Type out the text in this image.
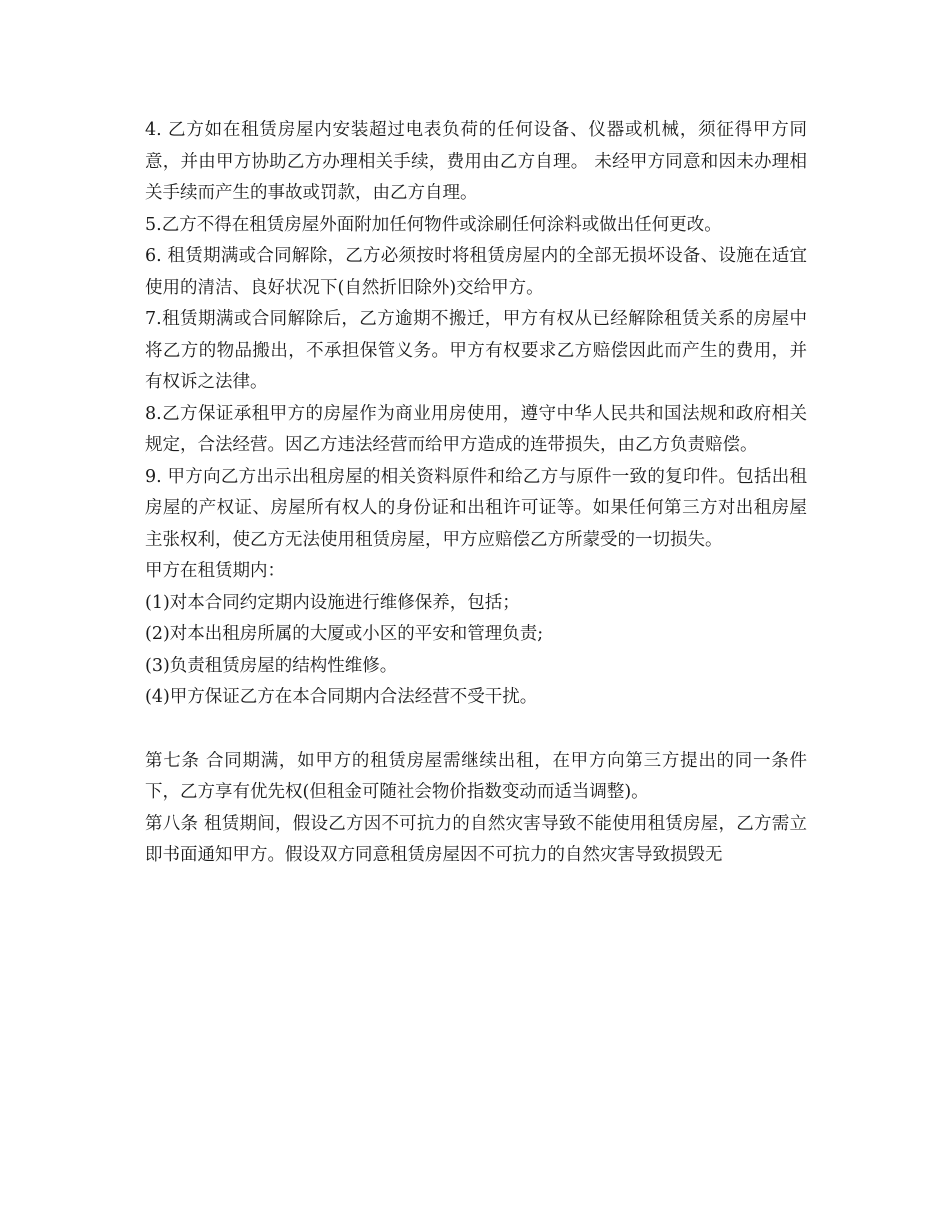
4. 乙方如在租赁房屋内安装超过电表负荷的任何设备、仪器或机械，须征得甲方同意，并由甲方协助乙方办理相关手续，费用由乙方自理。 未经甲方同意和因未办理相关手续而产生的事故或罚款，由乙方自理。

5.乙方不得在租赁房屋外面附加任何物件或涂刷任何涂料或做出任何更改。

6. 租赁期满或合同解除，乙方必须按时将租赁房屋内的全部无损坏设备、设施在适宜使用的清洁、良好状况下(自然折旧除外)交给甲方。

7.租赁期满或合同解除后，乙方逾期不搬迁，甲方有权从已经解除租赁关系的房屋中将乙方的物品搬出，不承担保管义务。甲方有权要求乙方赔偿因此而产生的费用，并有权诉之法律。

8.乙方保证承租甲方的房屋作为商业用房使用，遵守中华人民共和国法规和政府相关规定，合法经营。因乙方违法经营而给甲方造成的连带损失，由乙方负责赔偿。

9. 甲方向乙方出示出租房屋的相关资料原件和给乙方与原件一致的复印件。包括出租房屋的产权证、房屋所有权人的身份证和出租许可证等。如果任何第三方对出租房屋主张权利，使乙方无法使用租赁房屋，甲方应赔偿乙方所蒙受的一切损失。

甲方在租赁期内：

(1)对本合同约定期内设施进行维修保养，包括；

(2)对本出租房所属的大厦或小区的平安和管理负责;

(3)负责租赁房屋的结构性维修。

(4)甲方保证乙方在本合同期内合法经营不受干扰。

第七条 合同期满，如甲方的租赁房屋需继续出租，在甲方向第三方提出的同一条件下，乙方享有优先权(但租金可随社会物价指数变动而适当调整)。

第八条 租赁期间，假设乙方因不可抗力的自然灾害导致不能使用租赁房屋，乙方需立即书面通知甲方。假设双方同意租赁房屋因不可抗力的自然灾害导致损毁无
